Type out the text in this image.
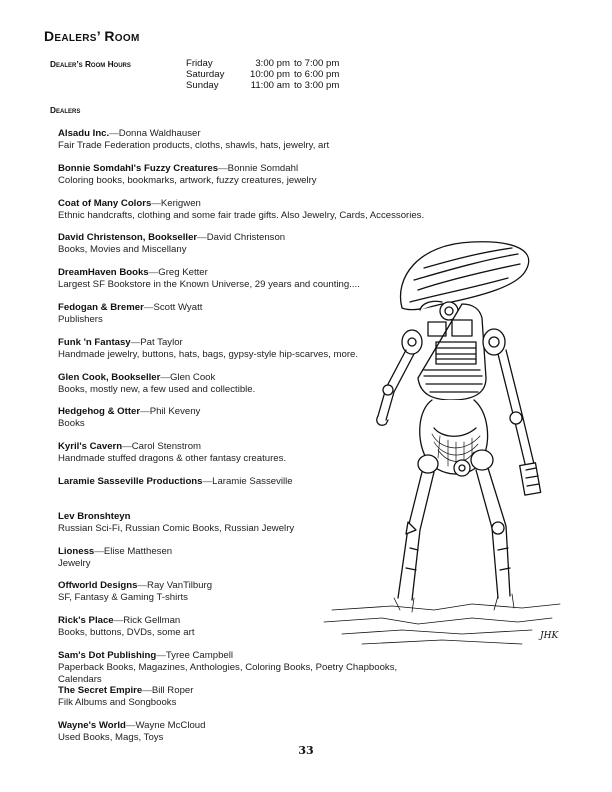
Dealers’ Room
Dealer’s Room Hours	Friday	3:00 pm	to 7:00 pm
Saturday	10:00 pm	to 6:00 pm
Sunday	11:00 am	to 3:00 pm
Dealers
Alsadu Inc.—Donna Waldhauser
Fair Trade Federation products, cloths, shawls, hats, jewelry, art
Bonnie Somdahl's Fuzzy Creatures—Bonnie Somdahl
Coloring books, bookmarks, artwork, fuzzy creatures, jewelry
Coat of Many Colors—Kerigwen
Ethnic handcrafts, clothing and some fair trade gifts. Also Jewelry, Cards, Accessories.
David Christenson, Bookseller—David Christenson
Books, Movies and Miscellany
DreamHaven Books—Greg Ketter
Largest SF Bookstore in the Known Universe, 29 years and counting....
Fedogan & Bremer—Scott Wyatt
Publishers
Funk 'n Fantasy—Pat Taylor
Handmade jewelry, buttons, hats, bags, gypsy-style hip-scarves, more.
Glen Cook, Bookseller—Glen Cook
Books, mostly new, a few used and collectible.
Hedgehog & Otter—Phil Keveny
Books
Kyril's Cavern—Carol Stenstrom
Handmade stuffed dragons & other fantasy creatures.
Laramie Sasseville Productions—Laramie Sasseville
Lev Bronshteyn
Russian Sci-Fi, Russian Comic Books, Russian Jewelry
Lioness—Elise Matthesen
Jewelry
Offworld Designs—Ray VanTilburg
SF, Fantasy & Gaming T-shirts
Rick's Place—Rick Gellman
Books, buttons, DVDs, some art
Sam's Dot Publishing—Tyree Campbell
Paperback Books, Magazines, Anthologies, Coloring Books, Poetry Chapbooks, Calendars
The Secret Empire—Bill Roper
Filk Albums and Songbooks
Wayne's World—Wayne McCloud
Used Books, Mags, Toys
JHK
33
